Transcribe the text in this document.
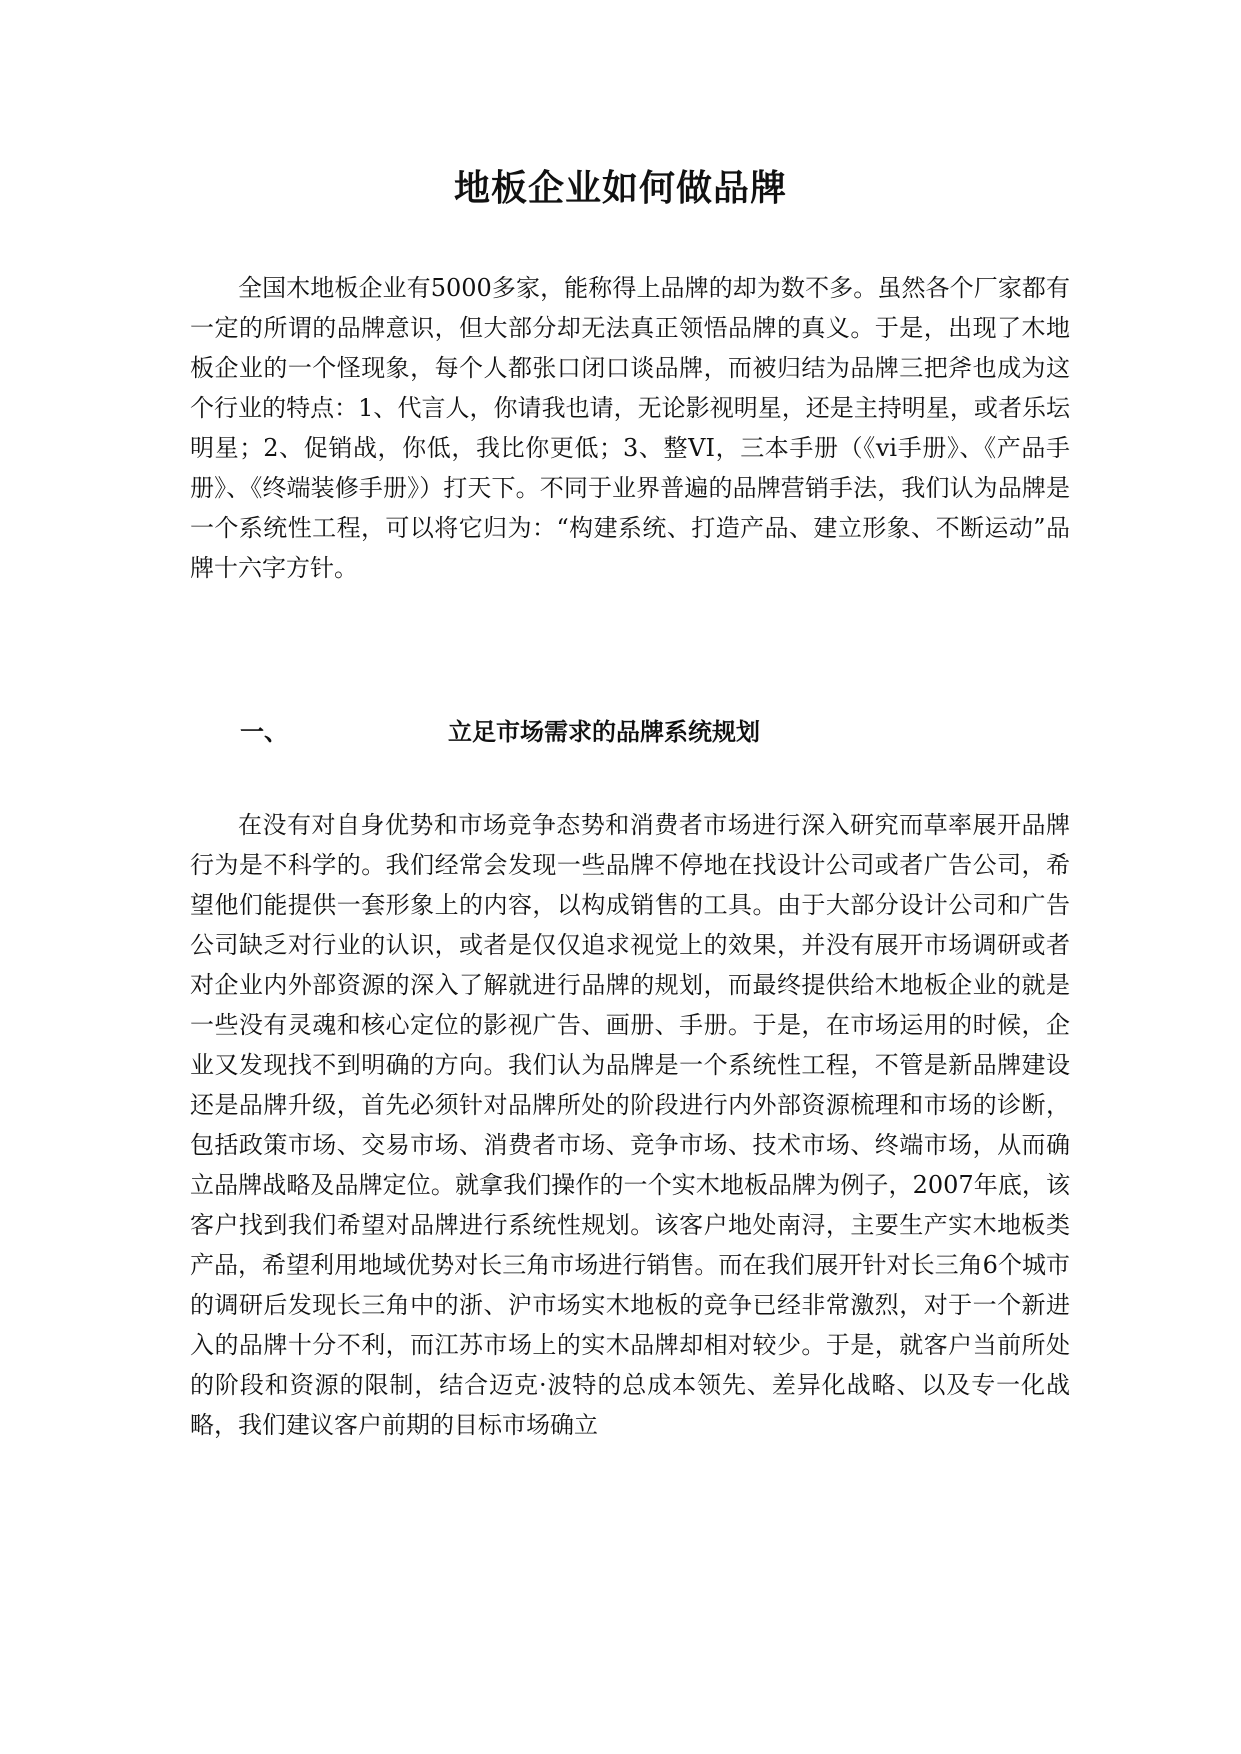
地板企业如何做品牌

全国木地板企业有5000多家，能称得上品牌的却为数不多。虽然各个厂家都有一定的所谓的品牌意识，但大部分却无法真正领悟品牌的真义。于是，出现了木地板企业的一个怪现象，每个人都张口闭口谈品牌，而被归结为品牌三把斧也成为这个行业的特点：1、代言人，你请我也请，无论影视明星，还是主持明星，或者乐坛明星；2、促销战，你低，我比你更低；3、整VI，三本手册（《vi手册》、《产品手册》、《终端装修手册》）打天下。不同于业界普遍的品牌营销手法，我们认为品牌是一个系统性工程，可以将它归为：“构建系统、打造产品、建立形象、不断运动”品牌十六字方针。

一、	立足市场需求的品牌系统规划

在没有对自身优势和市场竞争态势和消费者市场进行深入研究而草率展开品牌行为是不科学的。我们经常会发现一些品牌不停地在找设计公司或者广告公司，希望他们能提供一套形象上的内容，以构成销售的工具。由于大部分设计公司和广告公司缺乏对行业的认识，或者是仅仅追求视觉上的效果，并没有展开市场调研或者对企业内外部资源的深入了解就进行品牌的规划，而最终提供给木地板企业的就是一些没有灵魂和核心定位的影视广告、画册、手册。于是，在市场运用的时候，企业又发现找不到明确的方向。我们认为品牌是一个系统性工程，不管是新品牌建设还是品牌升级，首先必须针对品牌所处的阶段进行内外部资源梳理和市场的诊断，包括政策市场、交易市场、消费者市场、竞争市场、技术市场、终端市场，从而确立品牌战略及品牌定位。就拿我们操作的一个实木地板品牌为例子，2007年底，该客户找到我们希望对品牌进行系统性规划。该客户地处南浔，主要生产实木地板类产品，希望利用地域优势对长三角市场进行销售。而在我们展开针对长三角6个城市的调研后发现长三角中的浙、沪市场实木地板的竞争已经非常激烈，对于一个新进入的品牌十分不利，而江苏市场上的实木品牌却相对较少。于是，就客户当前所处的阶段和资源的限制，结合迈克·波特的总成本领先、差异化战略、以及专一化战略，我们建议客户前期的目标市场确立
